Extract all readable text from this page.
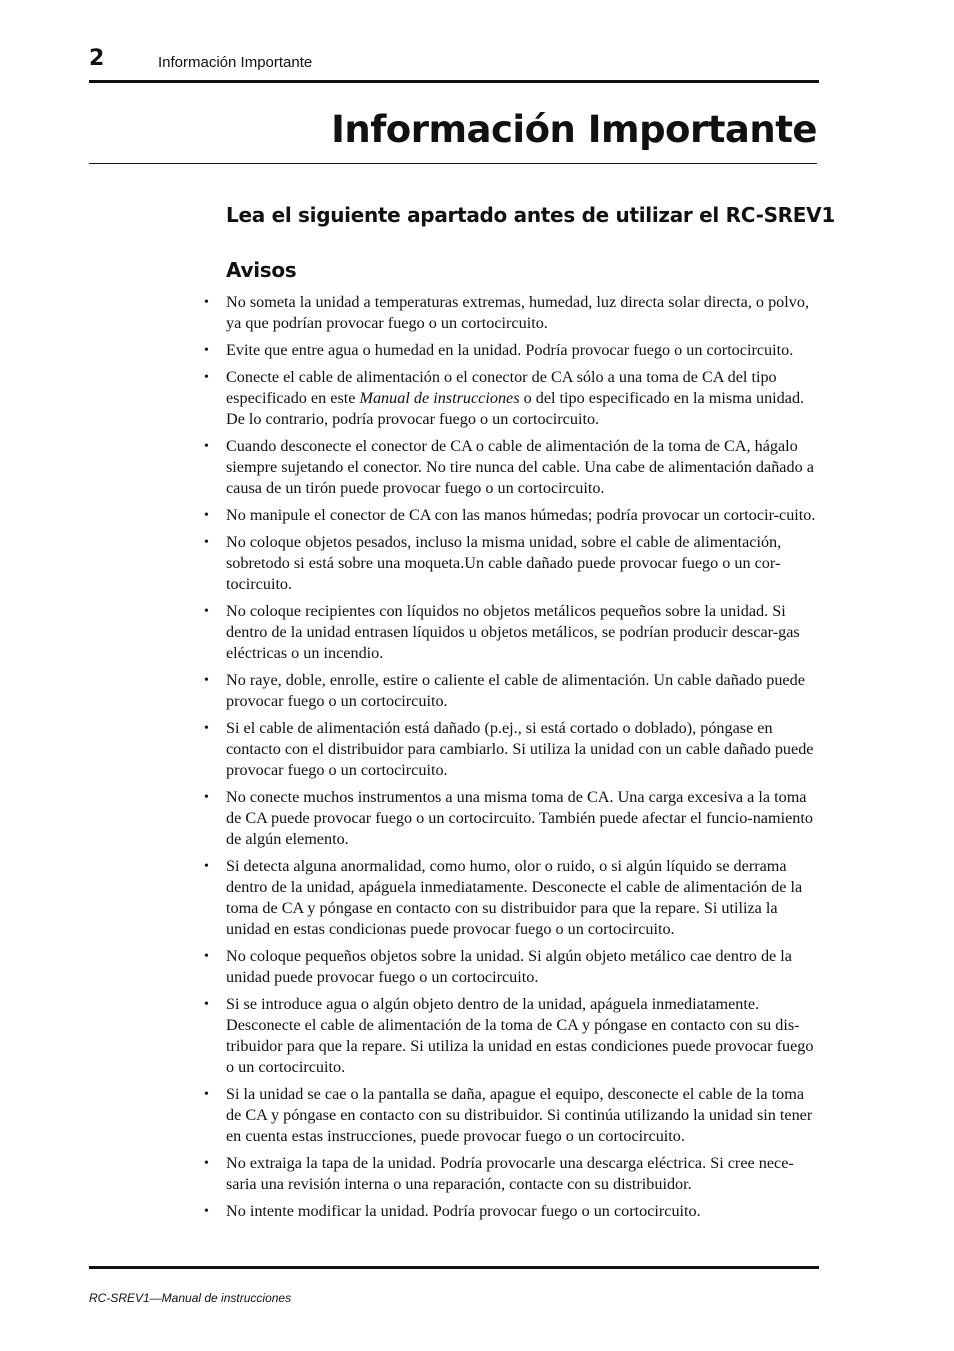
2	Información Importante
Información Importante
Lea el siguiente apartado antes de utilizar el RC-SREV1
Avisos
• No someta la unidad a temperaturas extremas, humedad, luz directa solar directa, o polvo, ya que podrían provocar fuego o un cortocircuito.
• Evite que entre agua o humedad en la unidad. Podría provocar fuego o un cortocircuito.
• Conecte el cable de alimentación o el conector de CA sólo a una toma de CA del tipo especificado en este Manual de instrucciones o del tipo especificado en la misma unidad. De lo contrario, podría provocar fuego o un cortocircuito.
• Cuando desconecte el conector de CA o cable de alimentación de la toma de CA, hágalo siempre sujetando el conector. No tire nunca del cable. Una cabe de alimentación dañado a causa de un tirón puede provocar fuego o un cortocircuito.
• No manipule el conector de CA con las manos húmedas; podría provocar un cortocir-cuito.
• No coloque objetos pesados, incluso la misma unidad, sobre el cable de alimentación, sobretodo si está sobre una moqueta.Un cable dañado puede provocar fuego o un cor-tocircuito.
• No coloque recipientes con líquidos no objetos metálicos pequeños sobre la unidad. Si dentro de la unidad entrasen líquidos u objetos metálicos, se podrían producir descar-gas eléctricas o un incendio.
• No raye, doble, enrolle, estire o caliente el cable de alimentación. Un cable dañado puede provocar fuego o un cortocircuito.
• Si el cable de alimentación está dañado (p.ej., si está cortado o doblado), póngase en contacto con el distribuidor para cambiarlo. Si utiliza la unidad con un cable dañado puede provocar fuego o un cortocircuito.
• No conecte muchos instrumentos a una misma toma de CA. Una carga excesiva a la toma de CA puede provocar fuego o un cortocircuito. También puede afectar el funcio-namiento de algún elemento.
• Si detecta alguna anormalidad, como humo, olor o ruido, o si algún líquido se derrama dentro de la unidad, apáguela inmediatamente. Desconecte el cable de alimentación de la toma de CA y póngase en contacto con su distribuidor para que la repare. Si utiliza la unidad en estas condicionas puede provocar fuego o un cortocircuito.
• No coloque pequeños objetos sobre la unidad. Si algún objeto metálico cae dentro de la unidad puede provocar fuego o un cortocircuito.
• Si se introduce agua o algún objeto dentro de la unidad, apáguela inmediatamente. Desconecte el cable de alimentación de la toma de CA y póngase en contacto con su dis-tribuidor para que la repare. Si utiliza la unidad en estas condiciones puede provocar fuego o un cortocircuito.
• Si la unidad se cae o la pantalla se daña, apague el equipo, desconecte el cable de la toma de CA y póngase en contacto con su distribuidor. Si continúa utilizando la unidad sin tener en cuenta estas instrucciones, puede provocar fuego o un cortocircuito.
• No extraiga la tapa de la unidad. Podría provocarle una descarga eléctrica. Si cree nece-saria una revisión interna o una reparación, contacte con su distribuidor.
• No intente modificar la unidad. Podría provocar fuego o un cortocircuito.
RC-SREV1—Manual de instrucciones
